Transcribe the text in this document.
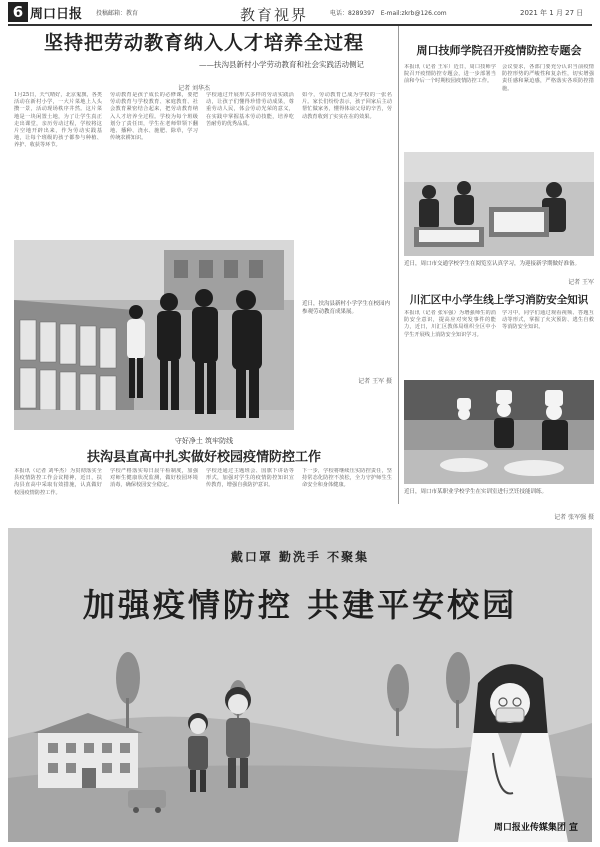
6 周口日报 投稿邮箱：教育	教育视界	电话：8289397　E-mail:zkrb@126.com	2021 年 1 月 27 日
坚持把劳动教育纳入人才培养全过程
——扶沟县新村小学劳动教育和社会实践活动侧记
记者 刘华杰
1月25日，天气晴好，北京鬼旗，各类活动在新村小学，一大片菜地上人头攒一景，活动现场秩序井然。这片菜地是一块闲置土地，为了让学生真正走出课堂，亲历劳动过程，学校将这片空地开辟出来，作为劳动实践基地，让每个班级的孩子都参与种植、养护、收获等环节。
劳动教育是孩子成长的必修课，要把劳动教育与学校教育、家庭教育、社会教育紧密结合起来，把劳动教育纳入人才培养全过程。学校为每个班级划分了责任田，学生在老师带领下翻地、播种、浇水、施肥、除草，学习传统农耕知识。
学校通过开展形式多样的劳动实践活动，让孩子们懂得珍惜劳动成果，尊重劳动人民，体会劳动光荣的意义，在实践中掌握基本劳动技能，培养吃苦耐劳的优秀品质。
如今，劳动教育已成为学校的一张名片。家长们纷纷表示，孩子回家后主动帮忙做家务，懂得体谅父母的辛苦，劳动教育收到了实实在在的效果。
近日，扶沟县新村小学学生在校园内参观劳动教育成果展。
记者 王军 摄
守好净土 筑牢防线
扶沟县直高中扎实做好校园疫情防控工作
本报讯（记者 刘华杰）为贯彻落实全县疫情防控工作会议精神，近日，扶沟县直高中采取有效措施，认真做好校园疫情防控工作。
学校严格落实每日晨午检制度，加强对师生健康状况监测，做好校园环境消毒，确保校园安全稳定。
学校还通过主题班会、国旗下讲话等形式，加强对学生的疫情防控知识宣传教育，增强自我防护意识。
下一步，学校将继续压实防控责任，坚持常态化防控不放松，全力守护师生生命安全和身体健康。
周口技师学院召开疫情防控专题会
本报讯（记者 王军）近日，周口技师学院召开疫情防控专题会，进一步部署当前和今后一个时期校园疫情防控工作。
会议要求，各部门要充分认识当前疫情防控形势的严峻性和复杂性，切实增强责任感和紧迫感，严格落实各项防控措施。
近日，周口市交通学校学生在阅览室认真学习，为迎接新学期做好准备。
记者 王军
川汇区中小学生线上学习消防安全知识
本报讯（记者 张军强）为增强师生的消防安全意识，提高应对突发事件的能力，近日，川汇区教体局组织全区中小学生开展线上消防安全知识学习。
学习中，同学们通过观看视频、答题互动等形式，掌握了火灾预防、逃生自救等消防安全知识。
近日，周口市某职业学校学生在实训室进行烹饪技能训练。
记者 张军强 摄
戴口罩 勤洗手 不聚集
加强疫情防控 共建平安校园
周口报业传媒集团 宣
